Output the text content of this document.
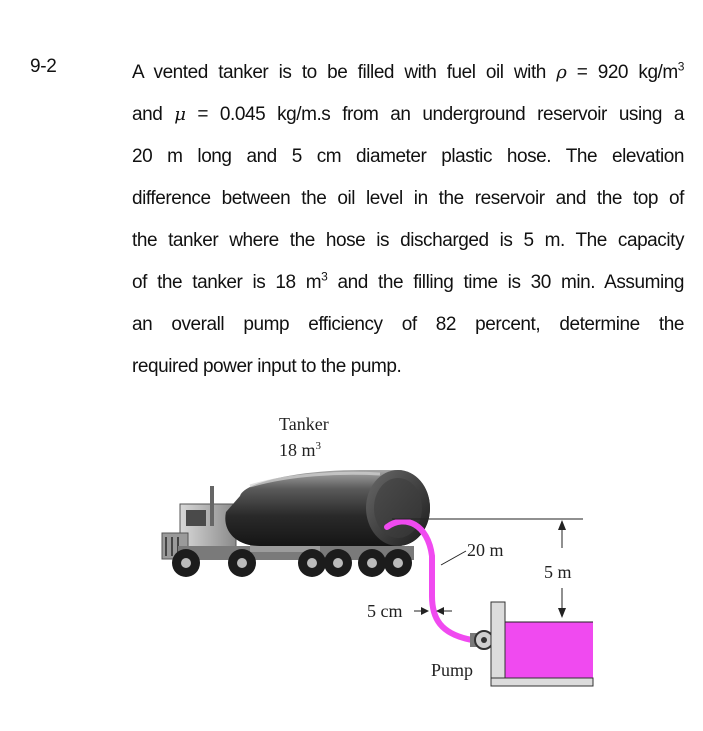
9-2	A vented tanker is to be filled with fuel oil with ρ = 920 $kg/m^3$
and μ = 0.045 kg/m.s from an underground reservoir using a
20 m long and 5 cm diameter plastic hose. The elevation
difference between the oil level in the reservoir and the top of
the tanker where the hose is discharged is 5 m. The capacity
of the tanker is 18 $m^3$ and the filling time is 30 min. Assuming
an overall pump efficiency of 82 percent, determine the
required power input to the pump.
Tanker
18 $m^3$
5 m
20 m
5 cm
Pump
